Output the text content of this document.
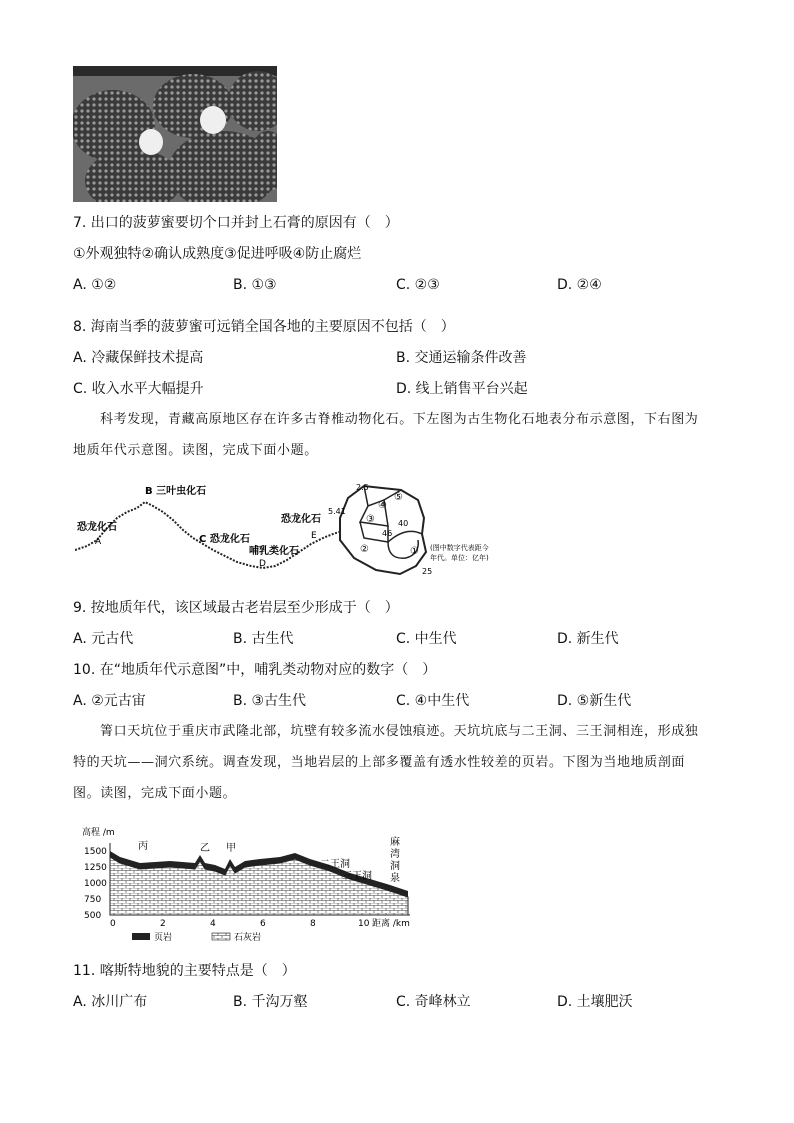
7. 出口的菠萝蜜要切个口并封上石膏的原因有（　）
①外观独特②确认成熟度③促进呼吸④防止腐烂
A. ①②	B. ①③	C. ②③	D. ②④
8. 海南当季的菠萝蜜可远销全国各地的主要原因不包括（　）
A. 冷藏保鲜技术提高	B. 交通运输条件改善
C. 收入水平大幅提升	D. 线上销售平台兴起
科考发现，青藏高原地区存在许多古脊椎动物化石。下左图为古生物化石地表分布示意图，下右图为
地质年代示意图。读图，完成下面小题。
恐龙化石
A
B 三叶虫化石
C 恐龙化石
哺乳类化石
D
恐龙化石
E
2.5
5.41
46
40
25
①
②
③
④
⑤
(图中数字代表距今
年代。单位：亿年)
9. 按地质年代，该区域最古老岩层至少形成于（　）
A. 元古代	B. 古生代	C. 中生代	D. 新生代
10. 在“地质年代示意图”中，哺乳类动物对应的数字（　）
A. ②元古宙	B. ③古生代	C. ④中生代	D. ⑤新生代
箐口天坑位于重庆市武隆北部，坑壁有较多流水侵蚀痕迹。天坑坑底与二王洞、三王洞相连，形成独
特的天坑——洞穴系统。调查发现，当地岩层的上部多覆盖有透水性较差的页岩。下图为当地地质剖面
图。读图，完成下面小题。
高程 /m
1500
1250
1000
750
500
0	2	4	6	8	10 距离 /km
丙	乙 甲
二王洞
三王洞
麻
湾
洞
泉
页岩	石灰岩
11. 喀斯特地貌的主要特点是（　）
A. 冰川广布	B. 千沟万壑	C. 奇峰林立	D. 土壤肥沃
